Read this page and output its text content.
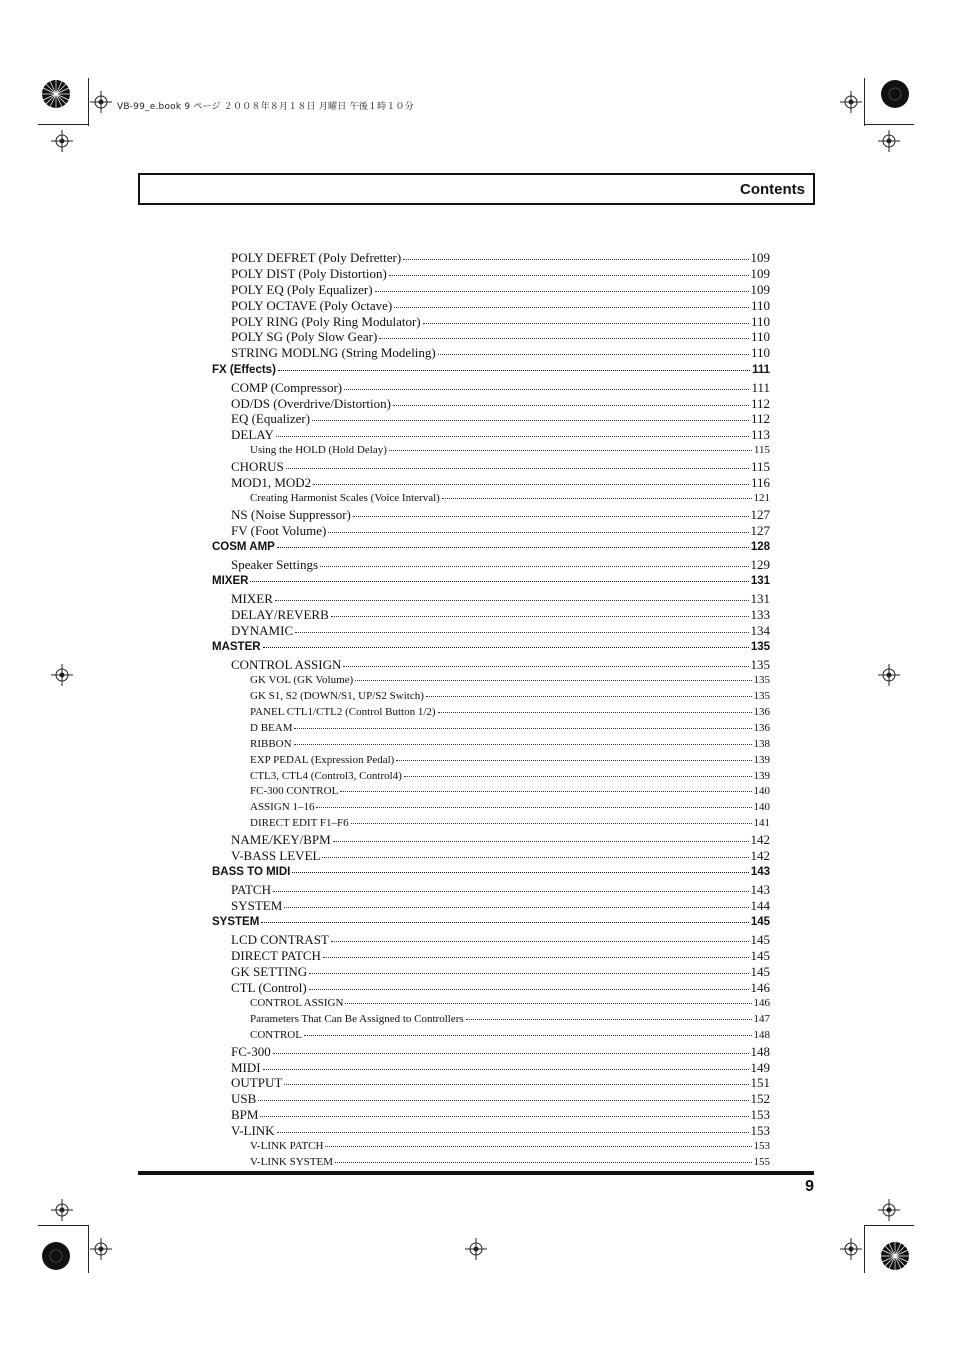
VB-99_e.book 9 ページ ２００８年８月１８日 月曜日 午後１時１０分
Contents
POLY DEFRET (Poly Defretter)	109
POLY DIST (Poly Distortion)	109
POLY EQ (Poly Equalizer)	109
POLY OCTAVE (Poly Octave)	110
POLY RING (Poly Ring Modulator)	110
POLY SG (Poly Slow Gear)	110
STRING MODLNG (String Modeling)	110
FX (Effects)	111
COMP (Compressor)	111
OD/DS (Overdrive/Distortion)	112
EQ (Equalizer)	112
DELAY	113
Using the HOLD (Hold Delay)	115
CHORUS	115
MOD1, MOD2	116
Creating Harmonist Scales (Voice Interval)	121
NS (Noise Suppressor)	127
FV (Foot Volume)	127
COSM AMP	128
Speaker Settings	129
MIXER	131
MIXER	131
DELAY/REVERB	133
DYNAMIC	134
MASTER	135
CONTROL ASSIGN	135
GK VOL (GK Volume)	135
GK S1, S2 (DOWN/S1, UP/S2 Switch)	135
PANEL CTL1/CTL2 (Control Button 1/2)	136
D BEAM	136
RIBBON	138
EXP PEDAL (Expression Pedal)	139
CTL3, CTL4 (Control3, Control4)	139
FC-300 CONTROL	140
ASSIGN 1–16	140
DIRECT EDIT F1–F6	141
NAME/KEY/BPM	142
V-BASS LEVEL	142
BASS TO MIDI	143
PATCH	143
SYSTEM	144
SYSTEM	145
LCD CONTRAST	145
DIRECT PATCH	145
GK SETTING	145
CTL (Control)	146
CONTROL ASSIGN	146
Parameters That Can Be Assigned to Controllers	147
CONTROL	148
FC-300	148
MIDI	149
OUTPUT	151
USB	152
BPM	153
V-LINK	153
V-LINK PATCH	153
V-LINK SYSTEM	155
9
